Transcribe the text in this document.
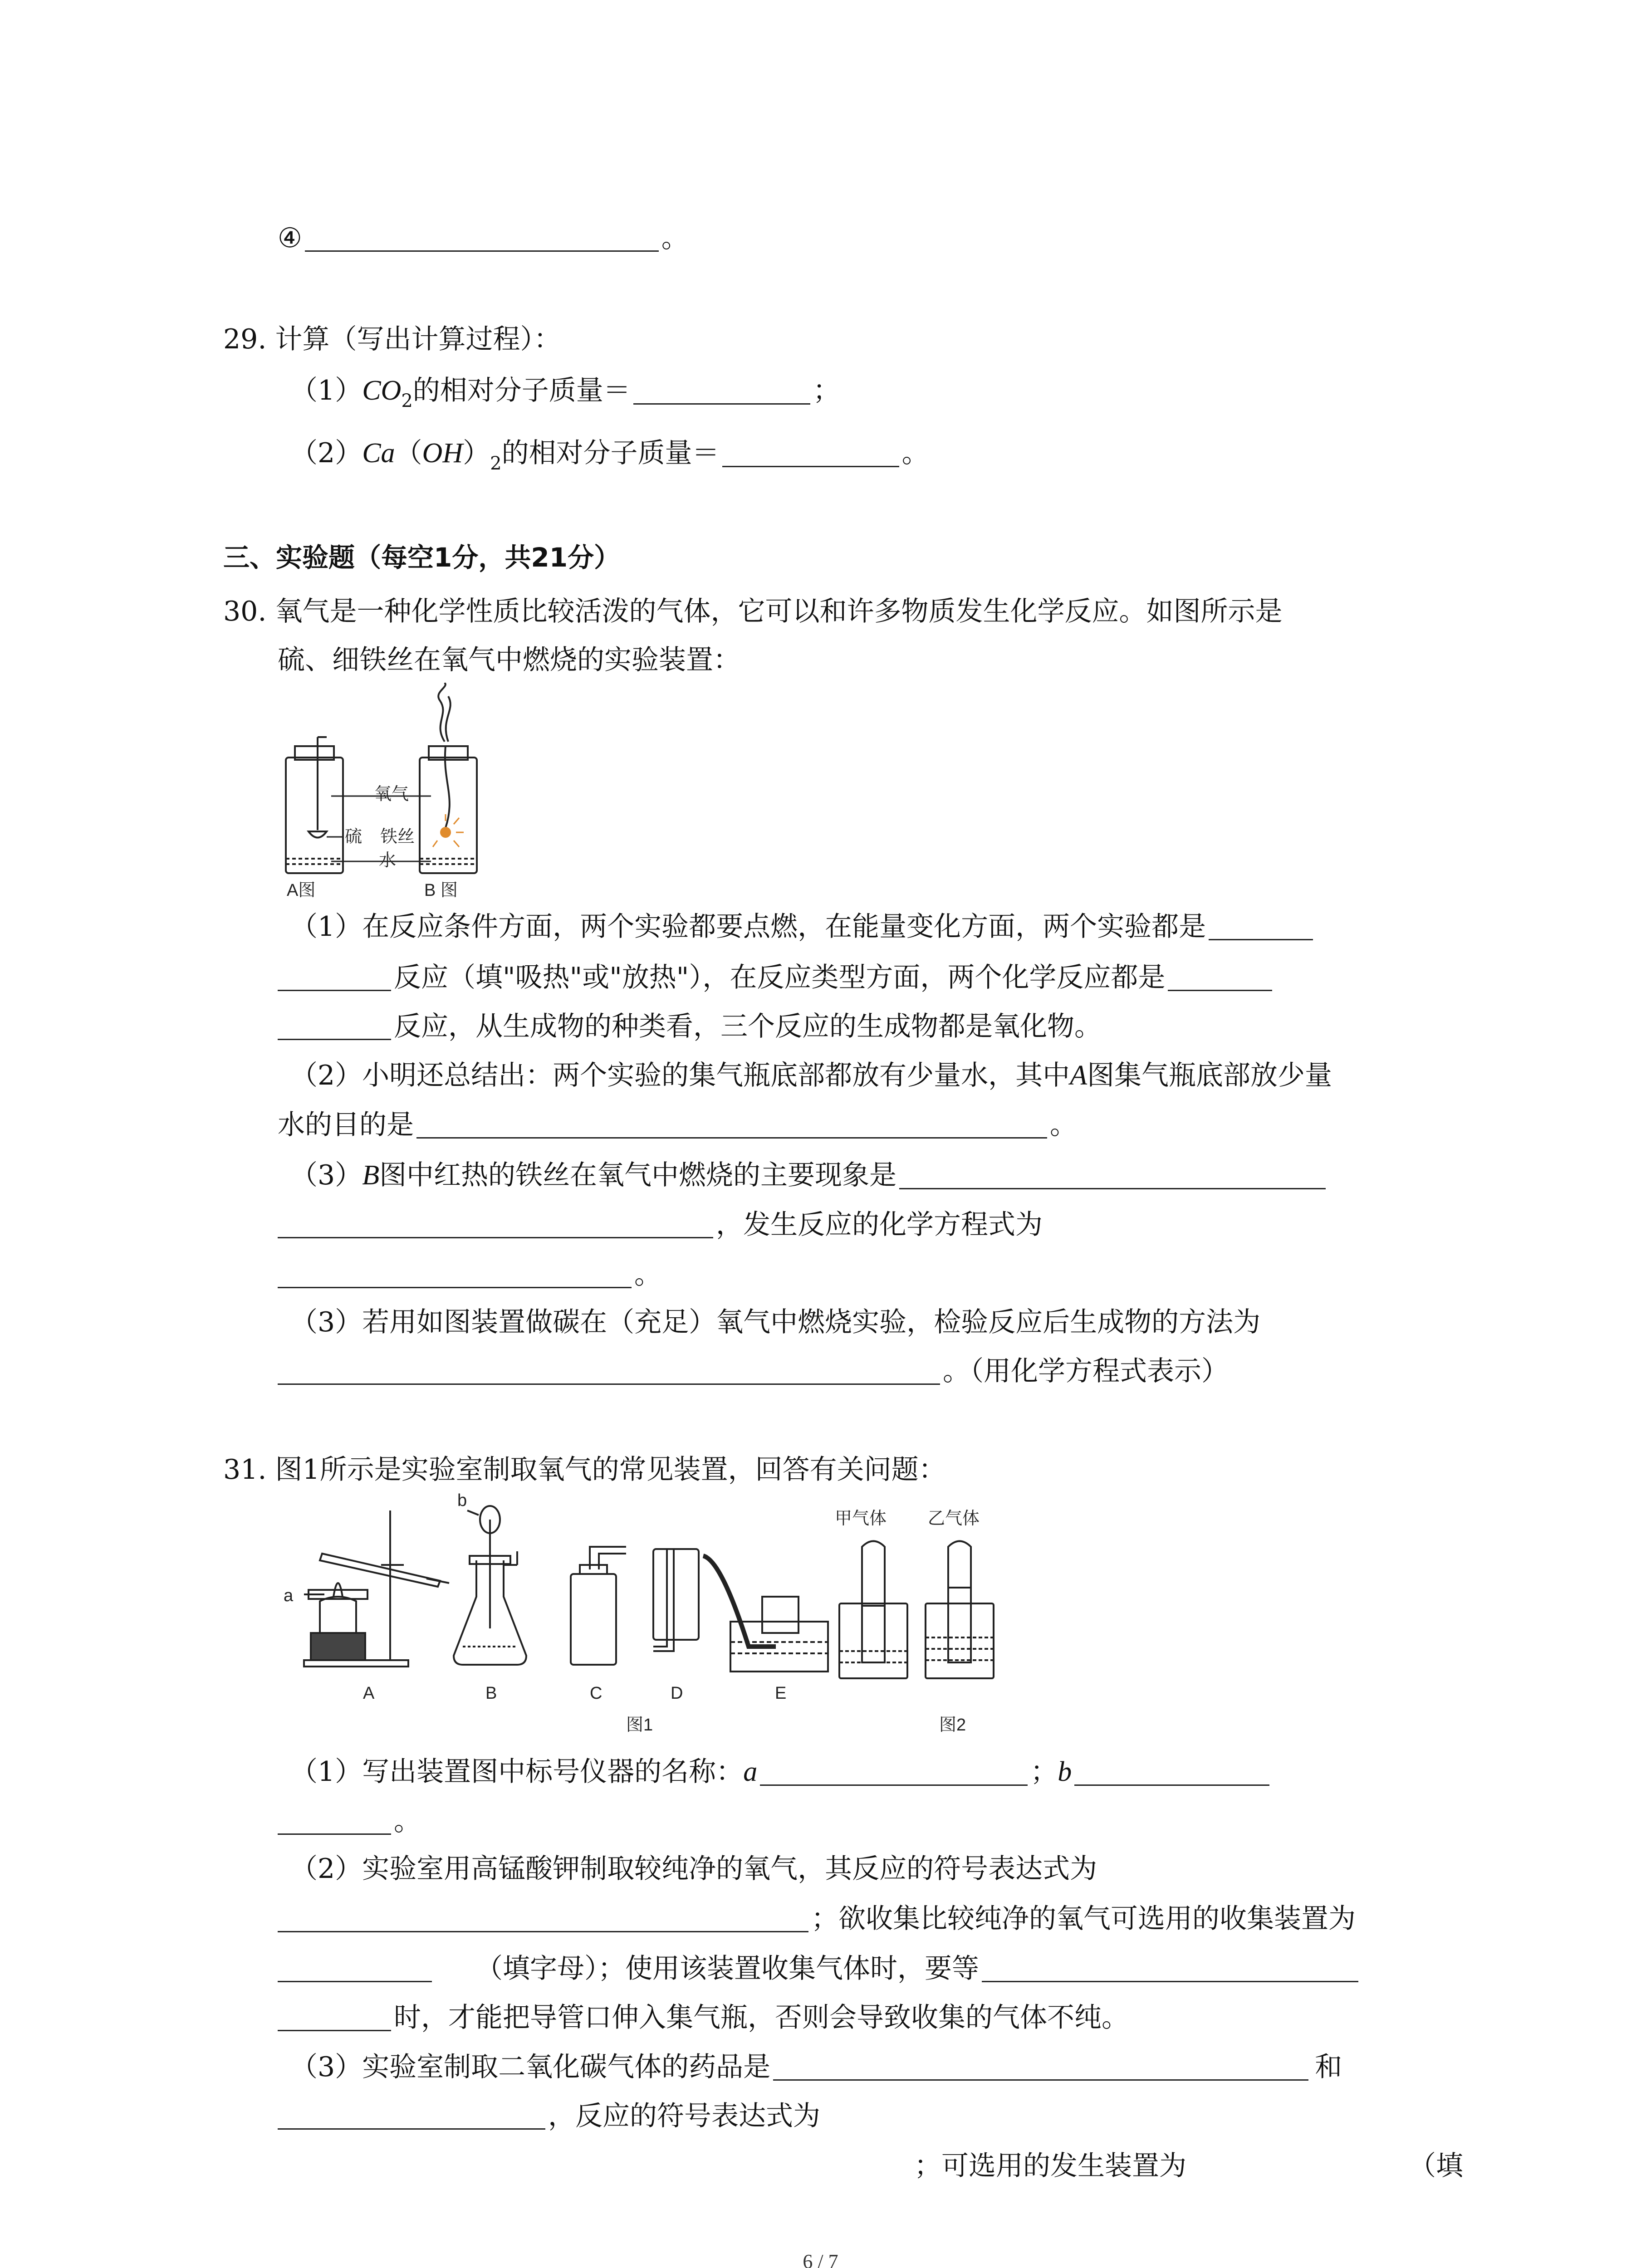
④	。
29. 计算（写出计算过程）：
$(1)CO_2$的相对分子质量＝	；
$(2)Ca(OH)_2$的相对分子质量＝	。
三、实验题（每空1分，共21分）
30. 氧气是一种化学性质比较活泼的气体，它可以和许多物质发生化学反应。如图所示是
硫、细铁丝在氧气中燃烧的实验装置：
氧气
硫 铁丝
水
A图	B 图
（1）在反应条件方面，两个实验都要点燃，在能量变化方面，两个实验都是
反应（填"吸热"或"放热"），在反应类型方面，两个化学反应都是
反应，从生成物的种类看，三个反应的生成物都是氧化物。
（2）小明还总结出：两个实验的集气瓶底部都放有少量水，其中A图集气瓶底部放少量
水的目的是	。
（3）B图中红热的铁丝在氧气中燃烧的主要现象是
，发生反应的化学方程式为
。
（3）若用如图装置做碳在（充足）氧气中燃烧实验，检验反应后生成物的方法为
。（用化学方程式表示）
31. 图1所示是实验室制取氧气的常见装置，回答有关问题：
a
b
A	B	C	D	E
图1	图2
甲气体 乙气体
（1）写出装置图中标号仪器的名称：a	；b
。
（2）实验室用高锰酸钾制取较纯净的氧气，其反应的符号表达式为
；欲收集比较纯净的氧气可选用的收集装置为
（填字母）；使用该装置收集气体时，要等
时，才能把导管口伸入集气瓶，否则会导致收集的气体不纯。
（3）实验室制取二氧化碳气体的药品是	和
，反应的符号表达式为
；可选用的发生装置为	（填
6 / 7
